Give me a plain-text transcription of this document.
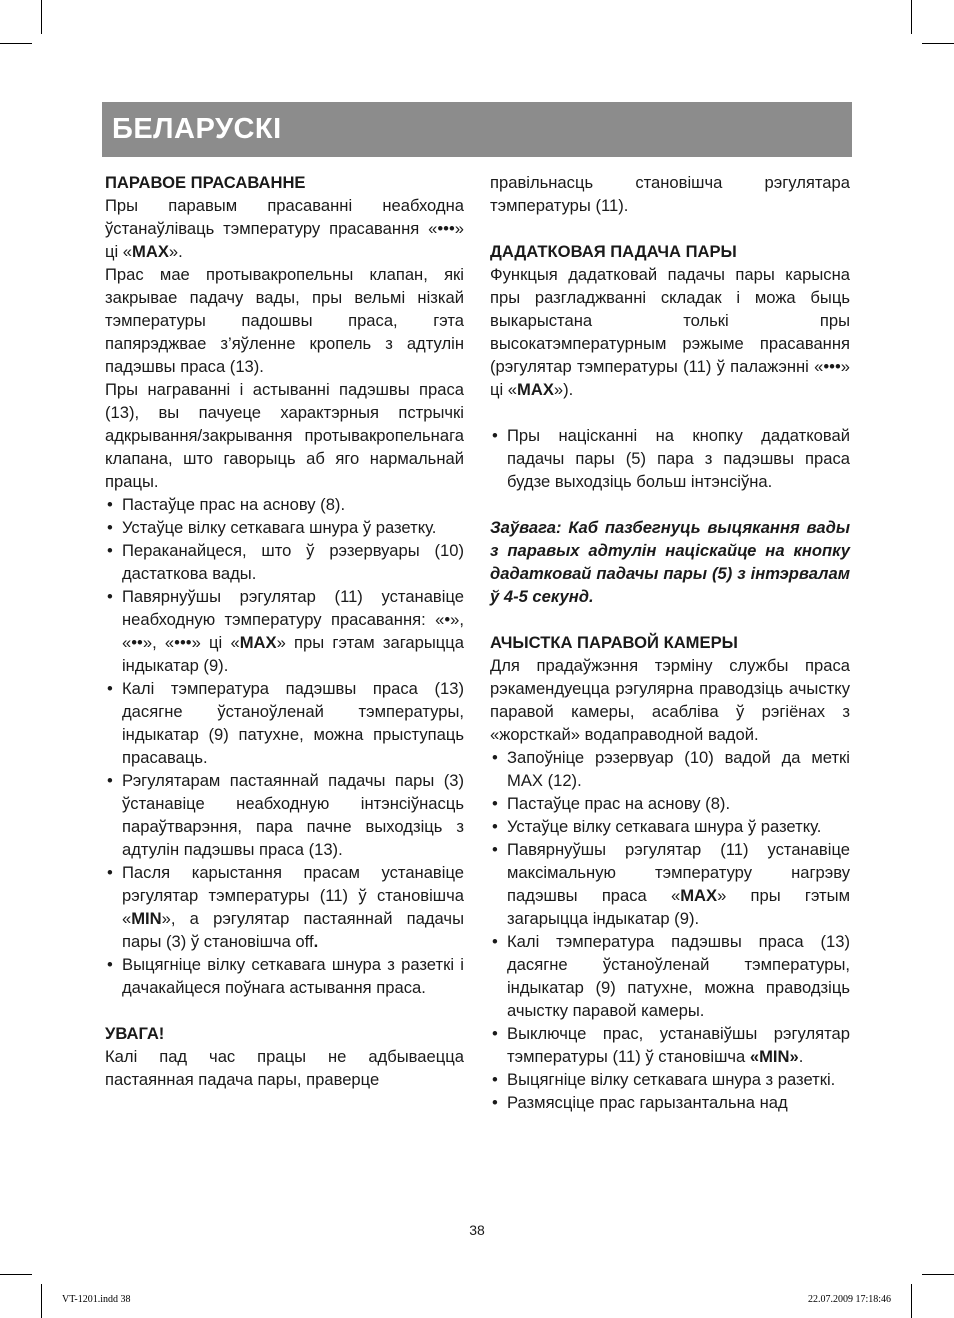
БЕЛАРУСКІ
ПАРАВОЕ ПРАСАВАННЕ

Пры паравым прасаванні неабходна ўстанаўліваць тэмпературу прасавання «•••» ці «MAX».

Прас мае протывакропельны клапан, які закрывае падачу вады, пры вельмі нізкай тэмпературы падошвы праса, гэта папярэджвае з’яўленне кропель з адтулін падэшвы праса (13).

Пры награванні і астыванні падэшвы праса (13), вы пачуеце характэрныя пстрычкі адкрывання/закрывання протывакропельнага клапана, што гаворыць аб яго нармальнай працы.

• Пастаўце прас на аснову (8).
• Устаўце вілку сеткавага шнура ў разетку.
• Пераканайцеся, што ў рэзервуары (10) дастаткова вады.
• Павярнуўшы рэгулятар (11) устанавіце неабходную тэмпературу прасавання: «•», «••», «•••» ці «MAX» пры гэтам загарыцца індыкатар (9).
• Калі тэмпература падэшвы праса (13) дасягне ўстаноўленай тэмпературы, індыкатар (9) патухне, можна прыступаць прасаваць.
• Рэгулятарам пастаяннай падачы пары (3) ўстанавіце неабходную інтэнсіўнасць параўтварэння, пара пачне выходзіць з адтулін падэшвы праса (13).
• Пасля карыстання прасам устанавіце рэгулятар тэмпературы (11) ў становішча «MIN», а рэгулятар пастаяннай падачы пары (3) ў становішча off.
• Выцягніце вілку сеткавага шнура з разеткі і дачакайцеся поўнага астывання праса.
УВАГА!

Калі пад час працы не адбываецца пастаянная падача пары, праверце

правільнасць становішча рэгулятара тэмпературы (11).

ДАДАТКОВАЯ ПАДАЧА ПАРЫ

Функцыя дадатковай падачы пары карысна пры разгладжванні складак і можа быць выкарыстана толькі пры высокатэмпературным рэжыме прасавання (рэгулятар тэмпературы (11) ў палажэнні «•••» ці «MAX»).

• Пры націсканні на кнопку дадатковай падачы пары (5) пара з падэшвы праса будзе выходзіць больш інтэнсіўна.

Заўвага: Каб пазбегнуць выцякання вады з паравых адтулін націскайце на кнопку дадатковай падачы пары (5) з інтэрвалам ў 4-5 секунд.

АЧЫСТКА ПАРАВОЙ КАМЕРЫ

Для прадаўжэння тэрміну службы праса рэкамендуецца рэгулярна праводзіць ачыстку паравой камеры, асабліва ў рэгіёнах з «жорсткай» водаправодной вадой.

• Запоўніце рэзервуар (10) вадой да меткі MAX (12).
• Пастаўце прас на аснову (8).
• Устаўце вілку сеткавага шнура ў разетку.
• Павярнуўшы рэгулятар (11) устанавіце максімальную тэмпературу нагрэву падэшвы праса «MAX» пры гэтым загарыцца індыкатар (9).
• Калі тэмпература падэшвы праса (13) дасягне ўстаноўленай тэмпературы, індыкатар (9) патухне, можна праводзіць ачыстку паравой камеры.
• Выключце прас, устанавіўшы рэгулятар тэмпературы (11) ў становішча «MIN».
• Выцягніце вілку сеткавага шнура з разеткі.
• Размясціце прас гарызантальна над
38
VT-1201.indd 38	22.07.2009 17:18:46
